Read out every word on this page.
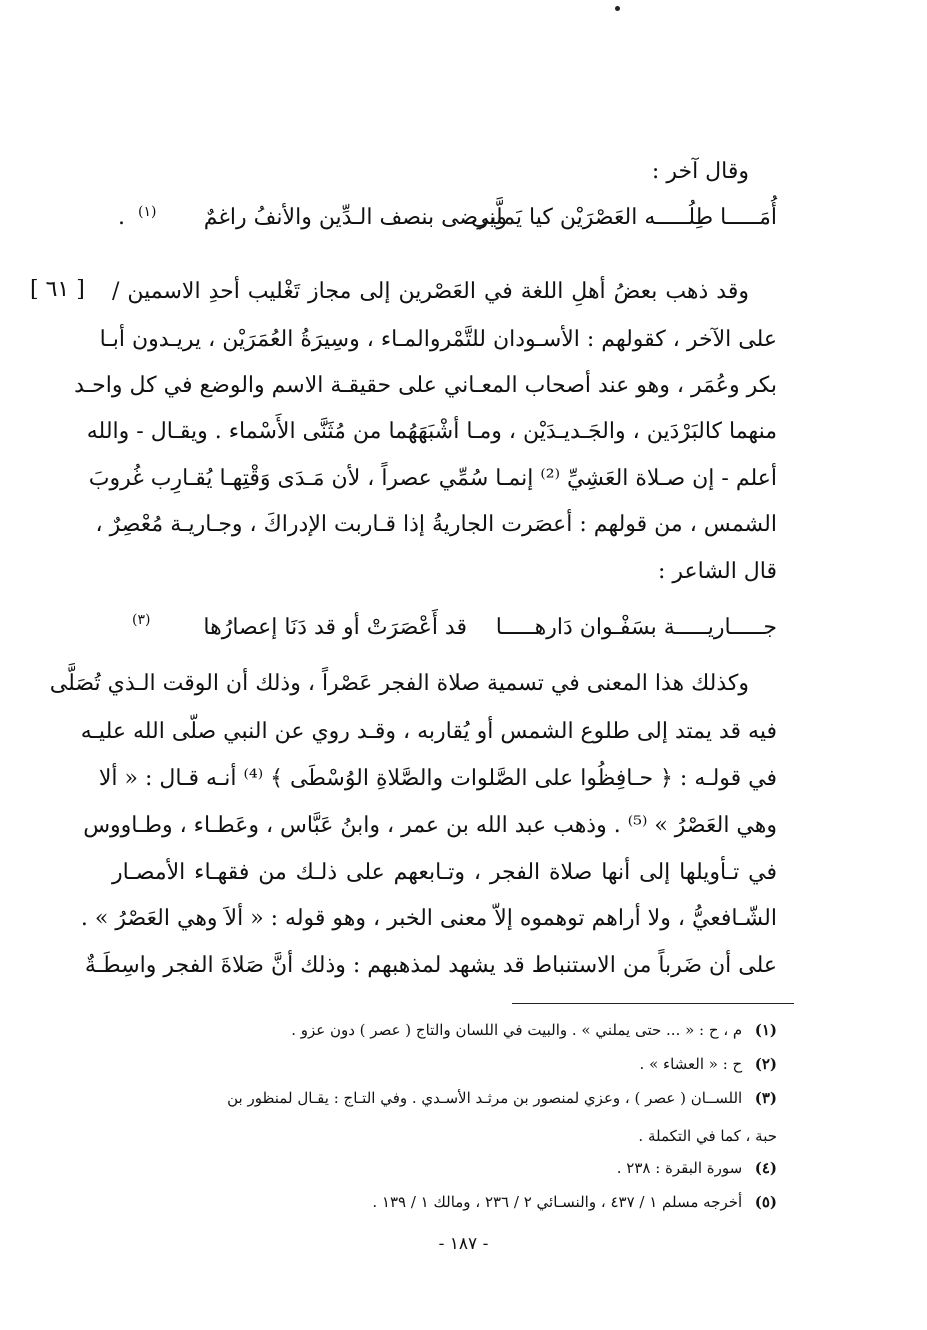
وقال آخر :
أُمَـــــا طِلُـــــه العَصْرَيْن كيا يَملَّني
ويرضى بنصف الـدِّين والأنفُ راغمٌ
(١)
.
[ ٦١ ] وقد ذهب بعضُ أهلِ اللغة في العَصْرين إلى مجاز تَغْليب أحدِ الاسمين /
على الآخر ، كقولهم : الأسـودان للتَّمْروالمـاء ، وسِيرَةُ العُمَرَيْن ، يريـدون أبـا
بكر وعُمَر ، وهو عند أصحاب المعـاني على حقيقـة الاسم والوضع في كل واحـد
منهما كالبَرْدَين ، والجَـديـدَيْن ، ومـا أشْبَهَهُما من مُثَنَّى الأَسْماء . ويقـال - والله
أعلم - إن صـلاة العَشِيِّ ⁽²⁾ إنمـا سُمِّي عصراً ، لأن مَـدَى وَقْتِهـا يُقـارِب غُروبَ
الشمس ، من قولهم : أعصَرت الجاريةُ إذا قـاربت الإدراكَ ، وجـاريـة مُعْصِرٌ ،
قال الشاعر :
جـــــاريـــــة بسَفْـوان دَارهـــــا
قد أَعْصَرَتْ أو قد دَنَا إعصارُها
(٣)
وكذلك هذا المعنى في تسمية صلاة الفجر عَصْراً ، وذلك أن الوقت الـذي تُصَلَّى
فيه قد يمتد إلى طلوع الشمس أو يُقاربه ، وقـد روي عن النبي صلّى الله عليـه
في قولـه : ﴿ حـافِظُوا على الصَّلوات والصَّلاةِ الوُسْطَى ﴾ ⁽⁴⁾ أنـه قـال : « ألا
وهي العَصْرُ » ⁽⁵⁾ . وذهب عبد الله بن عمر ، وابنُ عَبَّاس ، وعَطـاء ، وطـاووس
في تـأويلها إلى أنها صلاة الفجر ، وتـابعهم على ذلـك من فقهـاء الأمصـار
الشّـافعيُّ ، ولا أراهم توهموه إلاّ معنى الخبر ، وهو قوله : « ألاَ وهي العَصْرُ » .
على أن ضَرباً من الاستنباط قد يشهد لمذهبهم : وذلك أنَّ صَلاةَ الفجر واسِطَـةٌ
(١) م ، ح : « ... حتى يملني » . والبيت في اللسان والتاج ( عصر ) دون عزو .
(٢) ح : « العشاء » .
(٣) اللســان ( عصر ) ، وعزي لمنصور بن مرثـد الأسـدي . وفي التـاج : يقـال لمنظور بن
حبة ، كما في التكملة .
(٤) سورة البقرة : ٢٣٨ .
(٥) أخرجه مسلم ١ / ٤٣٧ ، والنسـائي ٢ / ٢٣٦ ، ومالك ١ / ١٣٩ .
- ١٨٧ -
